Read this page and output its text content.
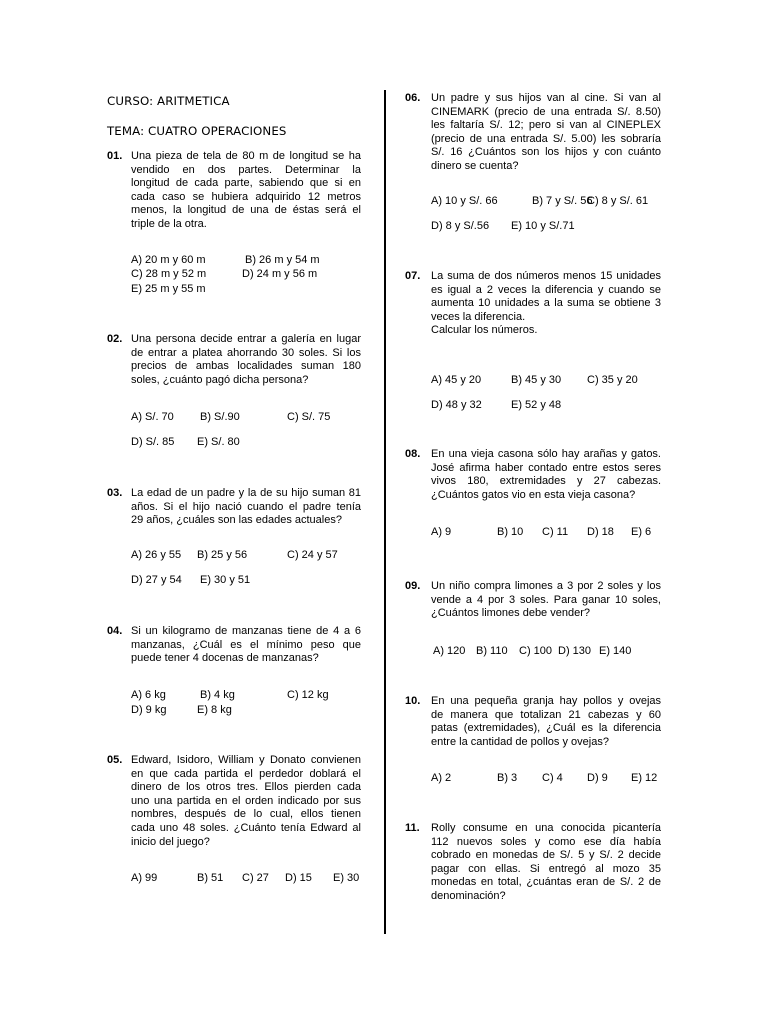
CURSO: ARITMETICA
TEMA: CUATRO OPERACIONES
01. Una pieza de tela de 80 m de longitud se ha
vendido en dos partes. Determinar la
longitud de cada parte, sabiendo que si en
cada caso se hubiera adquirido 12 metros
menos, la longitud de una de éstas será el
triple de la otra.
A) 20 m y 60 m	B) 26 m y 54 m
C) 28 m y 52 m	D) 24 m y 56 m
E) 25 m y 55 m
02. Una persona decide entrar a galería en lugar
de entrar a platea ahorrando 30 soles. Si los
precios de ambas localidades suman 180
soles, ¿cuánto pagó dicha persona?
A) S/. 70 B) S/.90	C) S/. 75
D) S/. 85 E) S/. 80
03. La edad de un padre y la de su hijo suman 81
años. Si el hijo nació cuando el padre tenía
29 años, ¿cuáles son las edades actuales?
A) 26 y 55 B) 25 y 56	C) 24 y 57
D) 27 y 54 E) 30 y 51
04. Si un kilogramo de manzanas tiene de 4 a 6
manzanas, ¿Cuál es el mínimo peso que
puede tener 4 docenas de manzanas?
A) 6 kg	B) 4 kg	C) 12 kg
D) 9 kg	E) 8 kg
05. Edward, Isidoro, William y Donato convienen
en que cada partida el perdedor doblará el
dinero de los otros tres. Ellos pierden cada
uno una partida en el orden indicado por sus
nombres, después de lo cual, ellos tienen
cada uno 48 soles. ¿Cuánto tenía Edward al
inicio del juego?
A) 99	B) 51 C) 27 D) 15 E) 30
06. Un padre y sus hijos van al cine. Si van al
CINEMARK (precio de una entrada S/. 8.50)
les faltaría S/. 12; pero si van al CINEPLEX
(precio de una entrada S/. 5.00) les sobraría
S/. 16 ¿Cuántos son los hijos y con cuánto
dinero se cuenta?
A) 10 y S/. 66	B) 7 y S/. 56
C) 8 y S/. 61
D) 8 y S/.56 E) 10 y S/.71
07. La suma de dos números menos 15 unidades
es igual a 2 veces la diferencia y cuando se
aumenta 10 unidades a la suma se obtiene 3
veces la diferencia.
Calcular los números.
A) 45 y 20	B) 45 y 30 C) 35 y 20
D) 48 y 32	E) 52 y 48
08. En una vieja casona sólo hay arañas y gatos.
José afirma haber contado entre estos seres
vivos 180, extremidades y 27 cabezas.
¿Cuántos gatos vio en esta vieja casona?
A) 9	B) 10 C) 11 D) 18 E) 6
09. Un niño compra limones a 3 por 2 soles y los
vende a 4 por 3 soles. Para ganar 10 soles,
¿Cuántos limones debe vender?
A) 120 B) 110 C) 100 D) 130 E) 140
10. En una pequeña granja hay pollos y ovejas
de manera que totalizan 21 cabezas y 60
patas (extremidades), ¿Cuál es la diferencia
entre la cantidad de pollos y ovejas?
A) 2	B) 3 C) 4 D) 9 E) 12
11. Rolly consume en una conocida picantería
112 nuevos soles y como ese día había
cobrado en monedas de S/. 5 y S/. 2 decide
pagar con ellas. Si entregó al mozo 35
monedas en total, ¿cuántas eran de S/. 2 de
denominación?
